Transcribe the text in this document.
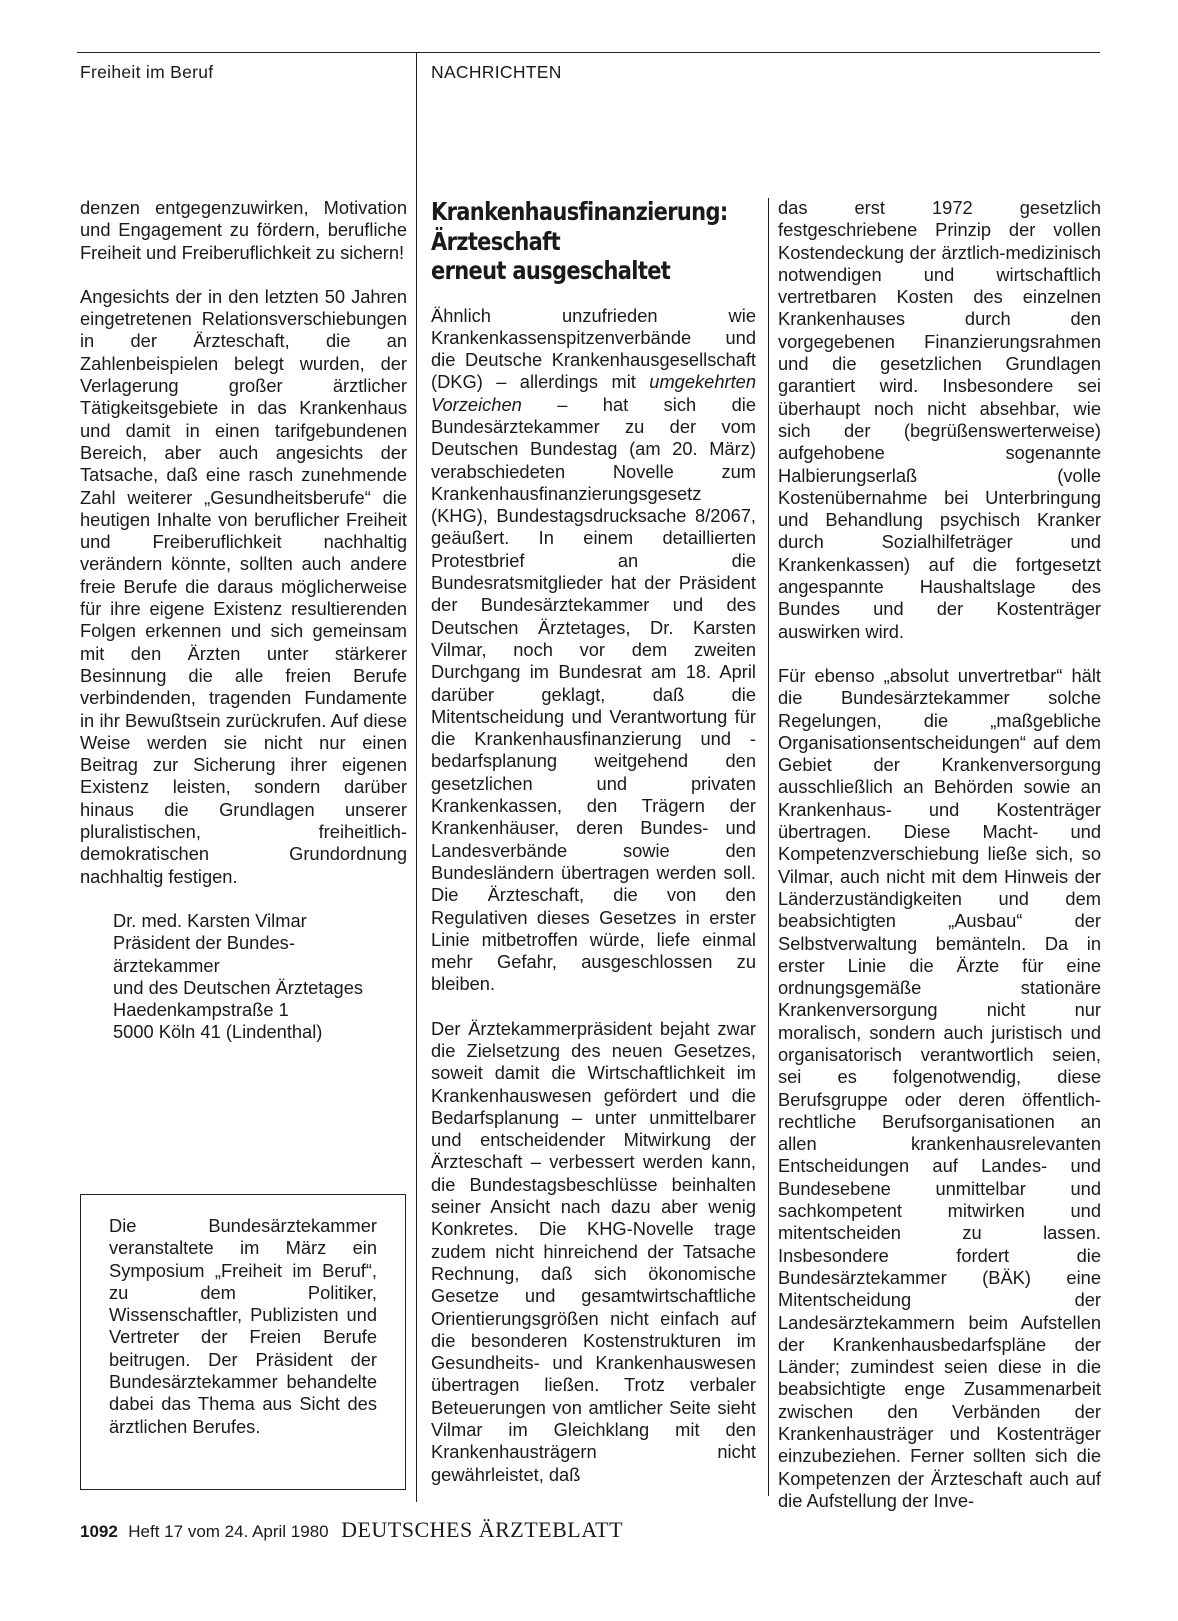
Freiheit im Beruf	NACHRICHTEN

denzen entgegenzuwirken, Motivation und Engagement zu fördern, berufliche Freiheit und Freiberuflichkeit zu sichern!

Angesichts der in den letzten 50 Jahren eingetretenen Relationsverschiebungen in der Ärzteschaft, die an Zahlenbeispielen belegt wurden, der Verlagerung großer ärztlicher Tätigkeitsgebiete in das Krankenhaus und damit in einen tarifgebundenen Bereich, aber auch angesichts der Tatsache, daß eine rasch zunehmende Zahl weiterer „Gesundheitsberufe“ die heutigen Inhalte von beruflicher Freiheit und Freiberuflichkeit nachhaltig verändern könnte, sollten auch andere freie Berufe die daraus möglicherweise für ihre eigene Existenz resultierenden Folgen erkennen und sich gemeinsam mit den Ärzten unter stärkerer Besinnung die alle freien Berufe verbindenden, tragenden Fundamente in ihr Bewußtsein zurückrufen. Auf diese Weise werden sie nicht nur einen Beitrag zur Sicherung ihrer eigenen Existenz leisten, sondern darüber hinaus die Grundlagen unserer pluralistischen, freiheitlich-demokratischen Grundordnung nachhaltig festigen.

Dr. med. Karsten Vilmar
Präsident der Bundes-
ärztekammer
und des Deutschen Ärztetages
Haedenkampstraße 1
5000 Köln 41 (Lindenthal)

Die Bundesärztekammer veranstaltete im März ein Symposium „Freiheit im Beruf“, zu dem Politiker, Wissenschaftler, Publizisten und Vertreter der Freien Berufe beitrugen. Der Präsident der Bundesärztekammer behandelte dabei das Thema aus Sicht des ärztlichen Berufes.

Krankenhausfinanzierung:
Ärzteschaft
erneut ausgeschaltet

Ähnlich unzufrieden wie Krankenkassenspitzenverbände und die Deutsche Krankenhausgesellschaft (DKG) – allerdings mit umgekehrten Vorzeichen – hat sich die Bundesärztekammer zu der vom Deutschen Bundestag (am 20. März) verabschiedeten Novelle zum Krankenhausfinanzierungsgesetz (KHG), Bundestagsdrucksache 8/2067, geäußert. In einem detaillierten Protestbrief an die Bundesratsmitglieder hat der Präsident der Bundesärztekammer und des Deutschen Ärztetages, Dr. Karsten Vilmar, noch vor dem zweiten Durchgang im Bundesrat am 18. April darüber geklagt, daß die Mitentscheidung und Verantwortung für die Krankenhausfinanzierung und -bedarfsplanung weitgehend den gesetzlichen und privaten Krankenkassen, den Trägern der Krankenhäuser, deren Bundes- und Landesverbände sowie den Bundesländern übertragen werden soll. Die Ärzteschaft, die von den Regulativen dieses Gesetzes in erster Linie mitbetroffen würde, liefe einmal mehr Gefahr, ausgeschlossen zu bleiben.

Der Ärztekammerpräsident bejaht zwar die Zielsetzung des neuen Gesetzes, soweit damit die Wirtschaftlichkeit im Krankenhauswesen gefördert und die Bedarfsplanung – unter unmittelbarer und entscheidender Mitwirkung der Ärzteschaft – verbessert werden kann, die Bundestagsbeschlüsse beinhalten seiner Ansicht nach dazu aber wenig Konkretes. Die KHG-Novelle trage zudem nicht hinreichend der Tatsache Rechnung, daß sich ökonomische Gesetze und gesamtwirtschaftliche Orientierungsgrößen nicht einfach auf die besonderen Kostenstrukturen im Gesundheits- und Krankenhauswesen übertragen ließen. Trotz verbaler Beteuerungen von amtlicher Seite sieht Vilmar im Gleichklang mit den Krankenhausträgern nicht gewährleistet, daß

das erst 1972 gesetzlich festgeschriebene Prinzip der vollen Kostendeckung der ärztlich-medizinisch notwendigen und wirtschaftlich vertretbaren Kosten des einzelnen Krankenhauses durch den vorgegebenen Finanzierungsrahmen und die gesetzlichen Grundlagen garantiert wird. Insbesondere sei überhaupt noch nicht absehbar, wie sich der (begrüßenswerterweise) aufgehobene sogenannte Halbierungserlaß (volle Kostenübernahme bei Unterbringung und Behandlung psychisch Kranker durch Sozialhilfeträger und Krankenkassen) auf die fortgesetzt angespannte Haushaltslage des Bundes und der Kostenträger auswirken wird.

Für ebenso „absolut unvertretbar“ hält die Bundesärztekammer solche Regelungen, die „maßgebliche Organisationsentscheidungen“ auf dem Gebiet der Krankenversorgung ausschließlich an Behörden sowie an Krankenhaus- und Kostenträger übertragen. Diese Macht- und Kompetenzverschiebung ließe sich, so Vilmar, auch nicht mit dem Hinweis der Länderzuständigkeiten und dem beabsichtigten „Ausbau“ der Selbstverwaltung bemänteln. Da in erster Linie die Ärzte für eine ordnungsgemäße stationäre Krankenversorgung nicht nur moralisch, sondern auch juristisch und organisatorisch verantwortlich seien, sei es folgenotwendig, diese Berufsgruppe oder deren öffentlich-rechtliche Berufsorganisationen an allen krankenhausrelevanten Entscheidungen auf Landes- und Bundesebene unmittelbar und sachkompetent mitwirken und mitentscheiden zu lassen. Insbesondere fordert die Bundesärztekammer (BÄK) eine Mitentscheidung der Landesärztekammern beim Aufstellen der Krankenhausbedarfspläne der Länder; zumindest seien diese in die beabsichtigte enge Zusammenarbeit zwischen den Verbänden der Krankenhausträger und Kostenträger einzubeziehen. Ferner sollten sich die Kompetenzen der Ärzteschaft auch auf die Aufstellung der Inve-

1092 Heft 17 vom 24. April 1980 DEUTSCHES ÄRZTEBLATT
